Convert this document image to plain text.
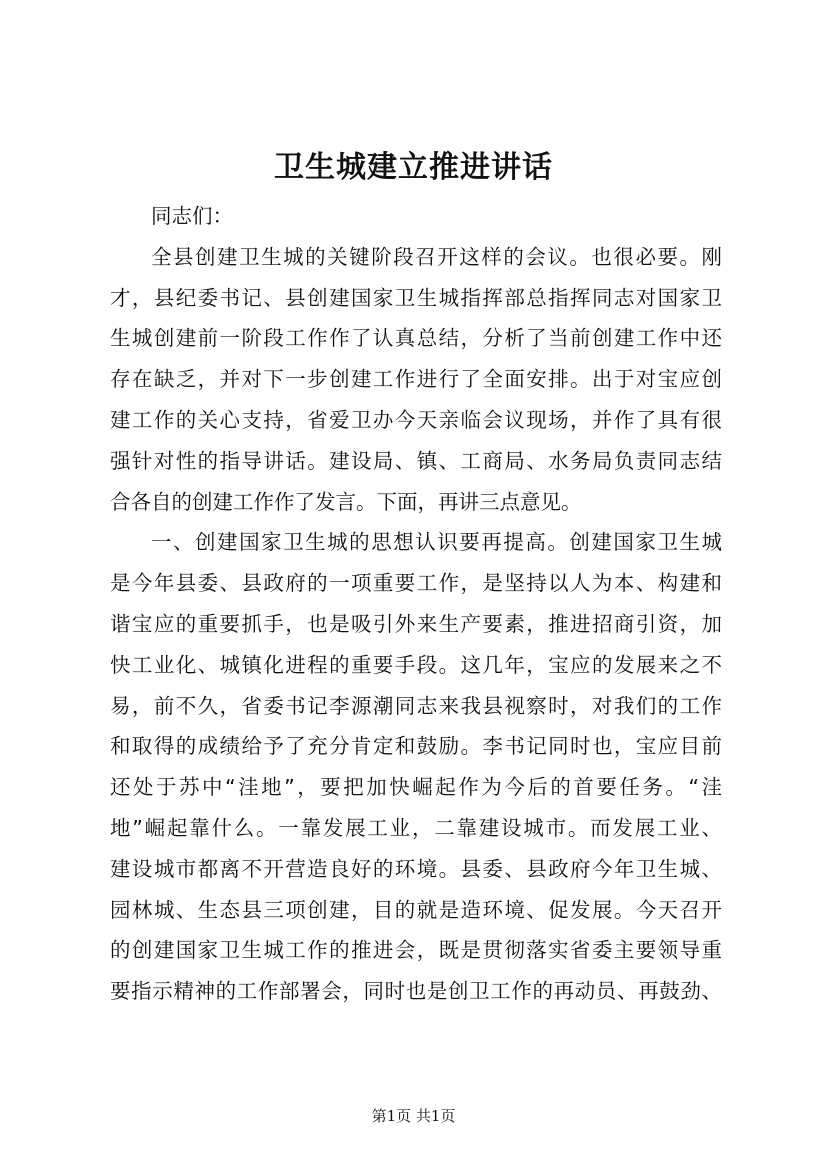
卫生城建立推进讲话
同志们：
全县创建卫生城的关键阶段召开这样的会议。也很必要。刚
才，县纪委书记、县创建国家卫生城指挥部总指挥同志对国家卫
生城创建前一阶段工作作了认真总结，分析了当前创建工作中还
存在缺乏，并对下一步创建工作进行了全面安排。出于对宝应创
建工作的关心支持，省爱卫办今天亲临会议现场，并作了具有很
强针对性的指导讲话。建设局、镇、工商局、水务局负责同志结
合各自的创建工作作了发言。下面，再讲三点意见。
一、创建国家卫生城的思想认识要再提高。创建国家卫生城
是今年县委、县政府的一项重要工作，是坚持以人为本、构建和
谐宝应的重要抓手，也是吸引外来生产要素，推进招商引资，加
快工业化、城镇化进程的重要手段。这几年，宝应的发展来之不
易，前不久，省委书记李源潮同志来我县视察时，对我们的工作
和取得的成绩给予了充分肯定和鼓励。李书记同时也，宝应目前
还处于苏中“洼地”，要把加快崛起作为今后的首要任务。“洼
地”崛起靠什么。一靠发展工业，二靠建设城市。而发展工业、
建设城市都离不开营造良好的环境。县委、县政府今年卫生城、
园林城、生态县三项创建，目的就是造环境、促发展。今天召开
的创建国家卫生城工作的推进会，既是贯彻落实省委主要领导重
要指示精神的工作部署会，同时也是创卫工作的再动员、再鼓劲、
第1页 共1页
